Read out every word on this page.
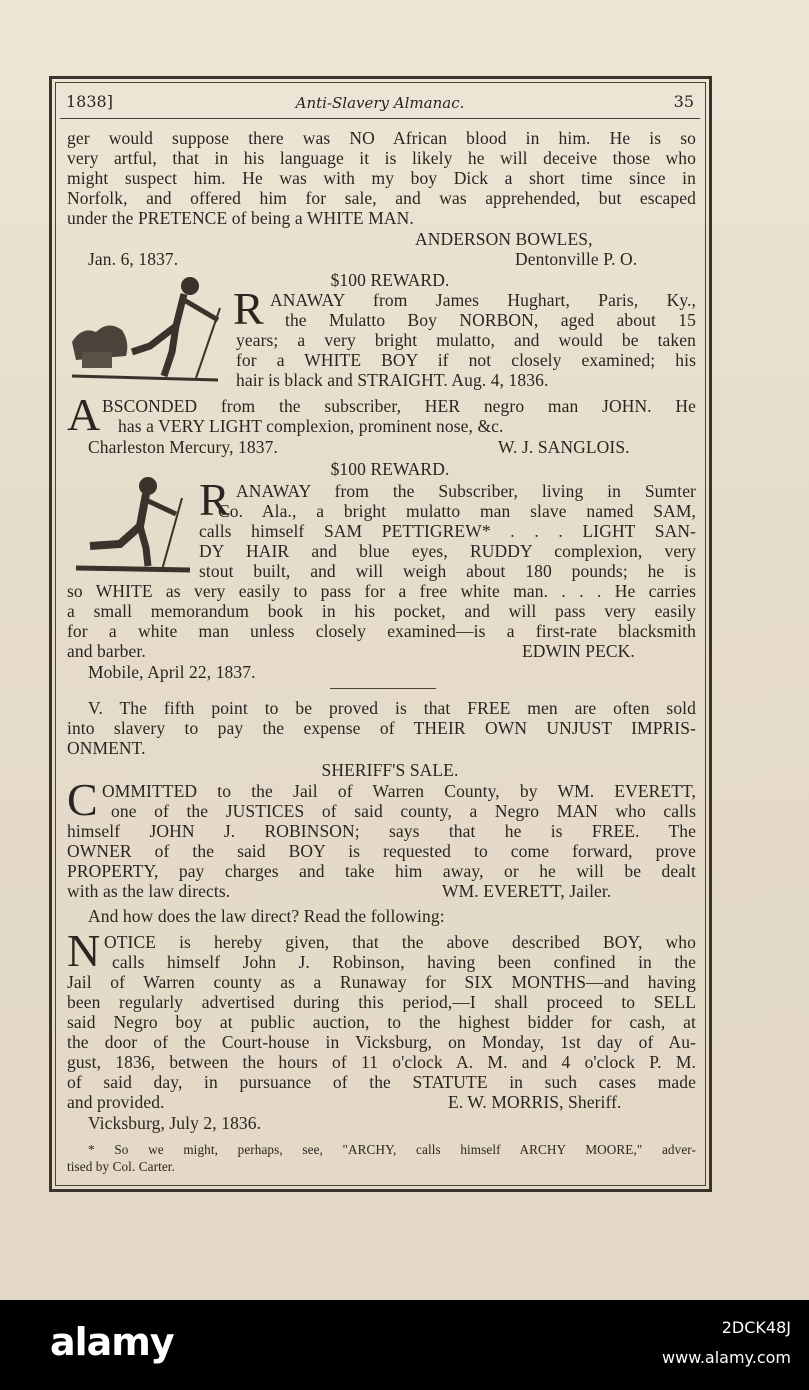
1838]	Anti-Slavery Almanac.	35
ger would suppose there was NO African blood in him. He is so
very artful, that in his language it is likely he will deceive those who
might suspect him. He was with my boy Dick a short time since in
Norfolk, and offered him for sale, and was apprehended, but escaped
under the PRETENCE of being a WHITE MAN.
ANDERSON BOWLES,
Jan. 6, 1837.	Dentonville P. O.
$100 REWARD.
R ANAWAY from James Hughart, Paris, Ky.,
the Mulatto Boy NORBON, aged about 15
years; a very bright mulatto, and would be taken
for a WHITE BOY if not closely examined; his
hair is black and STRAIGHT. Aug. 4, 1836.
A BSCONDED from the subscriber, HER negro man JOHN. He
has a VERY LIGHT complexion, prominent nose, &c.
Charleston Mercury, 1837.	W. J. SANGLOIS.
$100 REWARD.
R ANAWAY from the Subscriber, living in Sumter
Co. Ala., a bright mulatto man slave named SAM,
calls himself SAM PETTIGREW* . . . LIGHT SAN-
DY HAIR and blue eyes, RUDDY complexion, very
stout built, and will weigh about 180 pounds; he is
so WHITE as very easily to pass for a free white man. . . . He carries
a small memorandum book in his pocket, and will pass very easily
for a white man unless closely examined—is a first-rate blacksmith
and barber.	EDWIN PECK.
Mobile, April 22, 1837.
V. The fifth point to be proved is that FREE men are often sold
into slavery to pay the expense of THEIR OWN UNJUST IMPRIS-
ONMENT.
SHERIFF'S SALE.
C OMMITTED to the Jail of Warren County, by WM. EVERETT,
one of the JUSTICES of said county, a Negro MAN who calls
himself JOHN J. ROBINSON; says that he is FREE. The
OWNER of the said BOY is requested to come forward, prove
PROPERTY, pay charges and take him away, or he will be dealt
with as the law directs.	WM. EVERETT, Jailer.
And how does the law direct? Read the following:
N OTICE is hereby given, that the above described BOY, who
calls himself John J. Robinson, having been confined in the
Jail of Warren county as a Runaway for SIX MONTHS—and having
been regularly advertised during this period,—I shall proceed to SELL
said Negro boy at public auction, to the highest bidder for cash, at
the door of the Court-house in Vicksburg, on Monday, 1st day of Au-
gust, 1836, between the hours of 11 o'clock A. M. and 4 o'clock P. M.
of said day, in pursuance of the STATUTE in such cases made
and provided.	E. W. MORRIS, Sheriff.
Vicksburg, July 2, 1836.
* So we might, perhaps, see, "ARCHY, calls himself ARCHY MOORE," adver-
tised by Col. Carter.
alamy	2DCK48J
www.alamy.com
